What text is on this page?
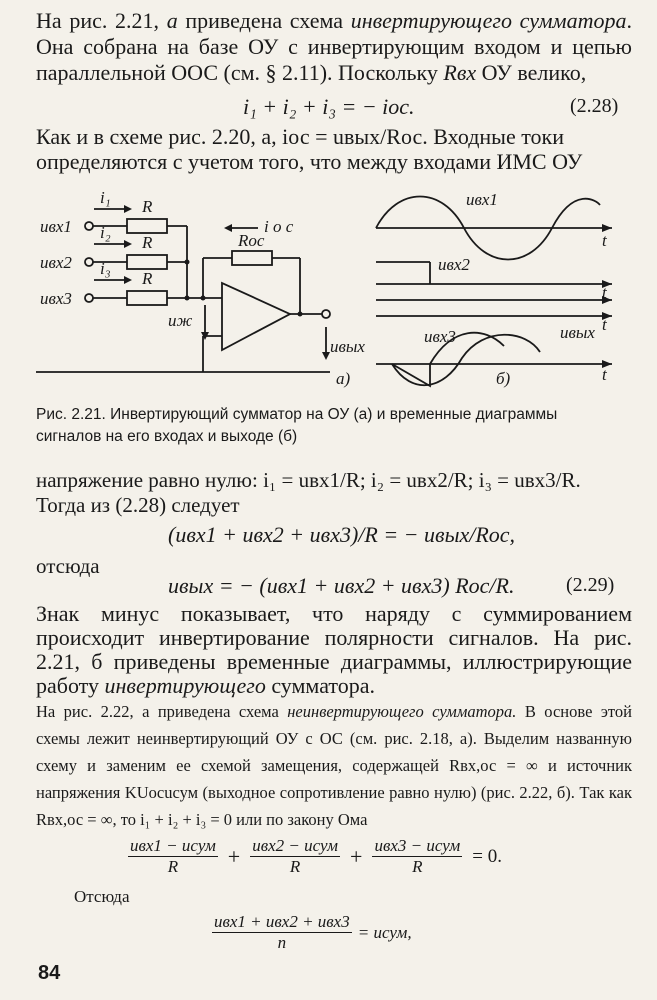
На рис. 2.21, а приведена схема инвертирующего сумматора. Она собрана на базе ОУ с инвертирующим входом и цепью параллельной ООС (см. § 2.11). Поскольку Rвх ОУ велико,
i₁ + i₂ + i₃ = − iос.	(2.28)
Как и в схеме рис. 2.20, a, iос = uвых/Rос. Входные токи
определяются с учетом того, что между входами ИМС ОУ
i₁
i₂
i₃
R
R
R
i о с
Rос
uвх1
uвх2
uвх3
uж
uвых
а)
uвх1
uвх2
uвх3	uвых
t
t
t
t
б)
Рис. 2.21. Инвертирующий сумматор на ОУ (а) и временные диаграммы сигналов на его входах и выходе (б)
напряжение равно нулю: i₁ = uвх1/R; i₂ = uвх2/R; i₃ = uвх3/R.
Тогда из (2.28) следует
(uвх1 + uвх2 + uвх3)/R = − uвых/Rос,
отсюда
uвых = − (uвх1 + uвх2 + uвх3) Rос/R.	(2.29)
Знак минус показывает, что наряду с суммированием происходит инвертирование полярности сигналов. На рис. 2.21, б приведены временные диаграммы, иллюстрирующие работу инвертирующего сумматора.
На рис. 2.22, а приведена схема неинвертирующего сумматора. В основе этой схемы лежит неинвертирующий ОУ с ОС (см. рис. 2.18, а). Выделим названную схему и заменим ее схемой замещения, содержащей Rвх,ос = ∞ и источник напряжения KUocuсум (выходное сопротивление равно нулю) (рис. 2.22, б). Так как Rвх,ос = ∞, то i₁ + i₂ + i₃ = 0 или по закону Ома
$\frac{\text{uвх1 − uсум}}{R} + \frac{\text{uвх2 − uсум}}{R} + \frac{\text{uвх3 − uсум}}{R} = 0$.
Отсюда
$\frac{\text{uвх1 + uвх2 + uвх3}}{n}$ = uсум,
84
